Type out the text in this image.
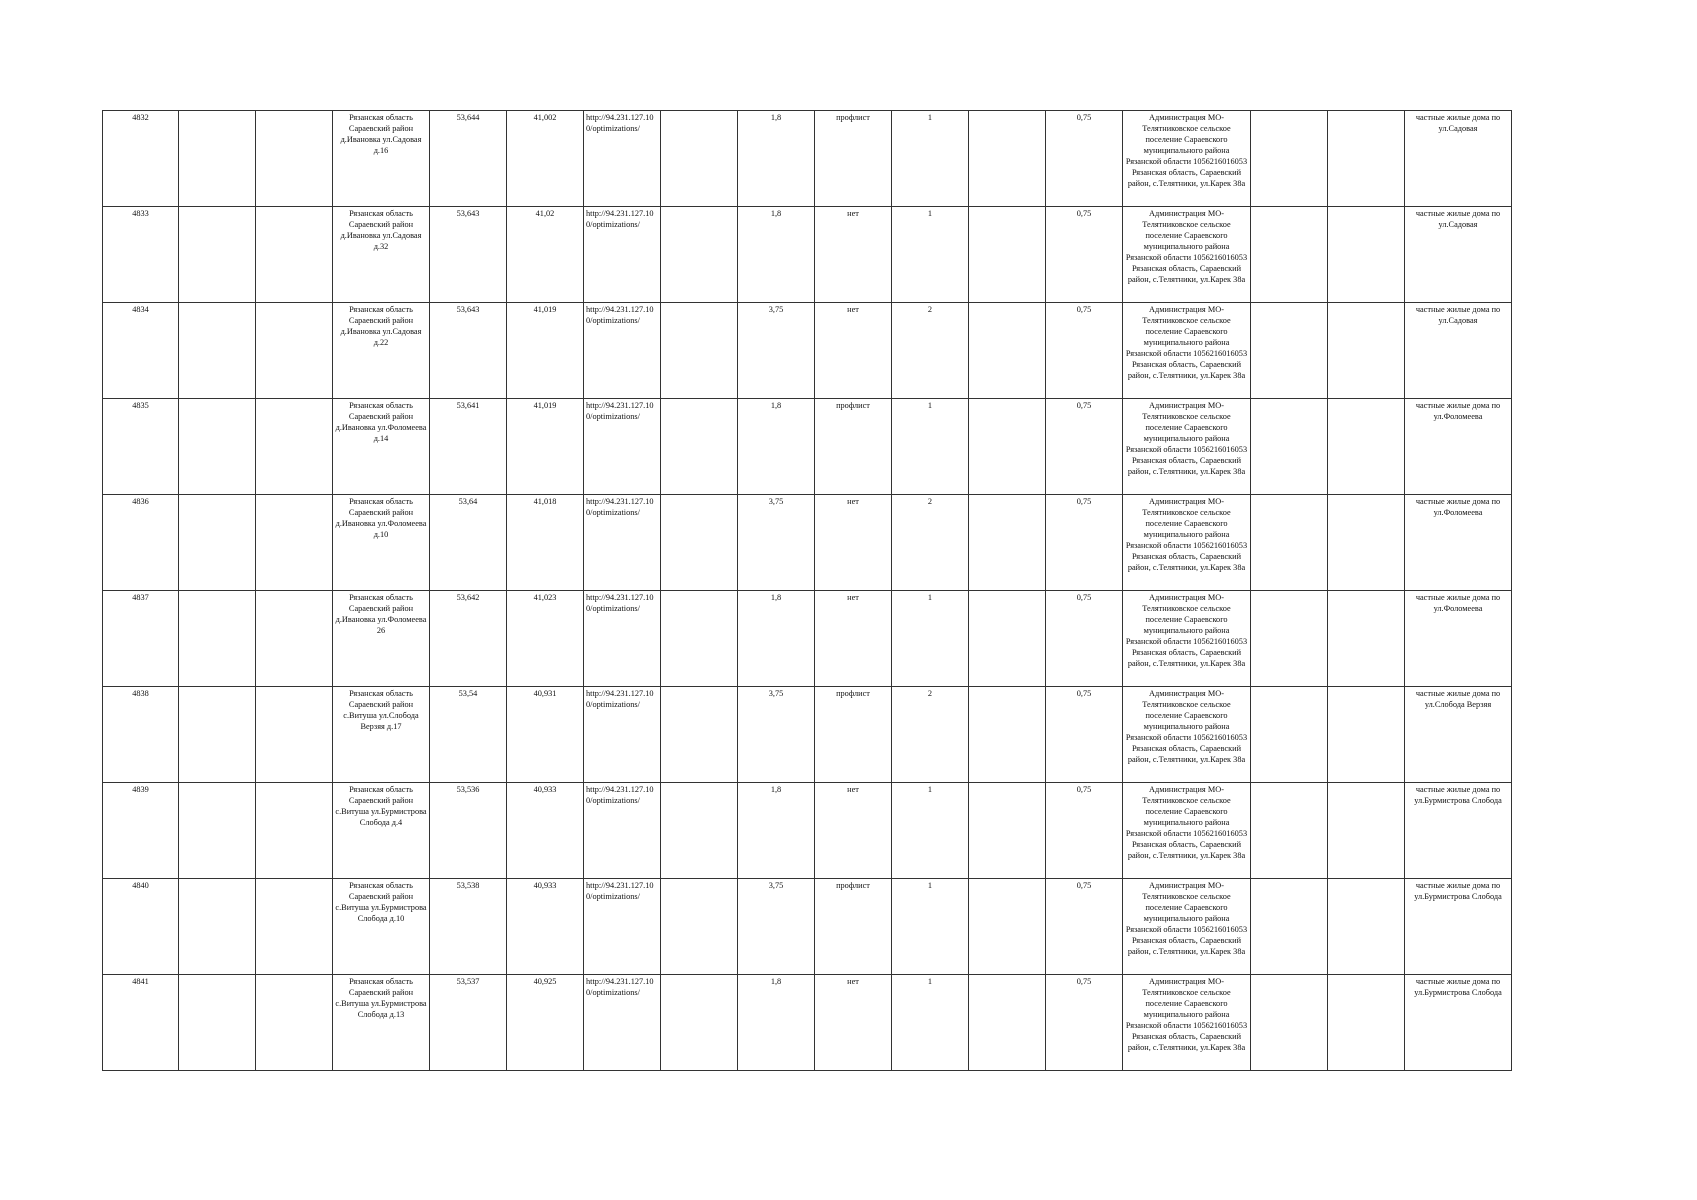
4832			Рязанская область Сараевский район д.Ивановка ул.Садовая д.16	53,644	41,002	http://94.231.127.100/optimizations/		1,8	профлист	1		0,75	Администрация МО-Телятниковское сельское поселение Сараевского муниципального района Рязанской области 1056216016053 Рязанская область, Сараевский район, с.Телятники, ул.Карек 38а			частные жилые дома по ул.Садовая
4833			Рязанская область Сараевский район д.Ивановка ул.Садовая д.32	53,643	41,02	http://94.231.127.100/optimizations/		1,8	нет	1		0,75	Администрация МО-Телятниковское сельское поселение Сараевского муниципального района Рязанской области 1056216016053 Рязанская область, Сараевский район, с.Телятники, ул.Карек 38а			частные жилые дома по ул.Садовая
4834			Рязанская область Сараевский район д.Ивановка ул.Садовая д.22	53,643	41,019	http://94.231.127.100/optimizations/		3,75	нет	2		0,75	Администрация МО-Телятниковское сельское поселение Сараевского муниципального района Рязанской области 1056216016053 Рязанская область, Сараевский район, с.Телятники, ул.Карек 38а			частные жилые дома по ул.Садовая
4835			Рязанская область Сараевский район д.Ивановка ул.Фоломеева д.14	53,641	41,019	http://94.231.127.100/optimizations/		1,8	профлист	1		0,75	Администрация МО-Телятниковское сельское поселение Сараевского муниципального района Рязанской области 1056216016053 Рязанская область, Сараевский район, с.Телятники, ул.Карек 38а			частные жилые дома по ул.Фоломеева
4836			Рязанская область Сараевский район д.Ивановка ул.Фоломеева д.10	53,64	41,018	http://94.231.127.100/optimizations/		3,75	нет	2		0,75	Администрация МО-Телятниковское сельское поселение Сараевского муниципального района Рязанской области 1056216016053 Рязанская область, Сараевский район, с.Телятники, ул.Карек 38а			частные жилые дома по ул.Фоломеева
4837			Рязанская область Сараевский район д.Ивановка ул.Фоломеева 26	53,642	41,023	http://94.231.127.100/optimizations/		1,8	нет	1		0,75	Администрация МО-Телятниковское сельское поселение Сараевского муниципального района Рязанской области 1056216016053 Рязанская область, Сараевский район, с.Телятники, ул.Карек 38а			частные жилые дома по ул.Фоломеева
4838			Рязанская область Сараевский район с.Витуша ул.Слобода Верзяя д.17	53,54	40,931	http://94.231.127.100/optimizations/		3,75	профлист	2		0,75	Администрация МО-Телятниковское сельское поселение Сараевского муниципального района Рязанской области 1056216016053 Рязанская область, Сараевский район, с.Телятники, ул.Карек 38а			частные жилые дома по ул.Слобода Верзяя
4839			Рязанская область Сараевский район с.Витуша ул.Бурмистрова Слобода д.4	53,536	40,933	http://94.231.127.100/optimizations/		1,8	нет	1		0,75	Администрация МО-Телятниковское сельское поселение Сараевского муниципального района Рязанской области 1056216016053 Рязанская область, Сараевский район, с.Телятники, ул.Карек 38а			частные жилые дома по ул.Бурмистрова Слобода
4840			Рязанская область Сараевский район с.Витуша ул.Бурмистрова Слобода д.10	53,538	40,933	http://94.231.127.100/optimizations/		3,75	профлист	1		0,75	Администрация МО-Телятниковское сельское поселение Сараевского муниципального района Рязанской области 1056216016053 Рязанская область, Сараевский район, с.Телятники, ул.Карек 38а			частные жилые дома по ул.Бурмистрова Слобода
4841			Рязанская область Сараевский район с.Витуша ул.Бурмистрова Слобода д.13	53,537	40,925	http://94.231.127.100/optimizations/		1,8	нет	1		0,75	Администрация МО-Телятниковское сельское поселение Сараевского муниципального района Рязанской области 1056216016053 Рязанская область, Сараевский район, с.Телятники, ул.Карек 38а			частные жилые дома по ул.Бурмистрова Слобода
